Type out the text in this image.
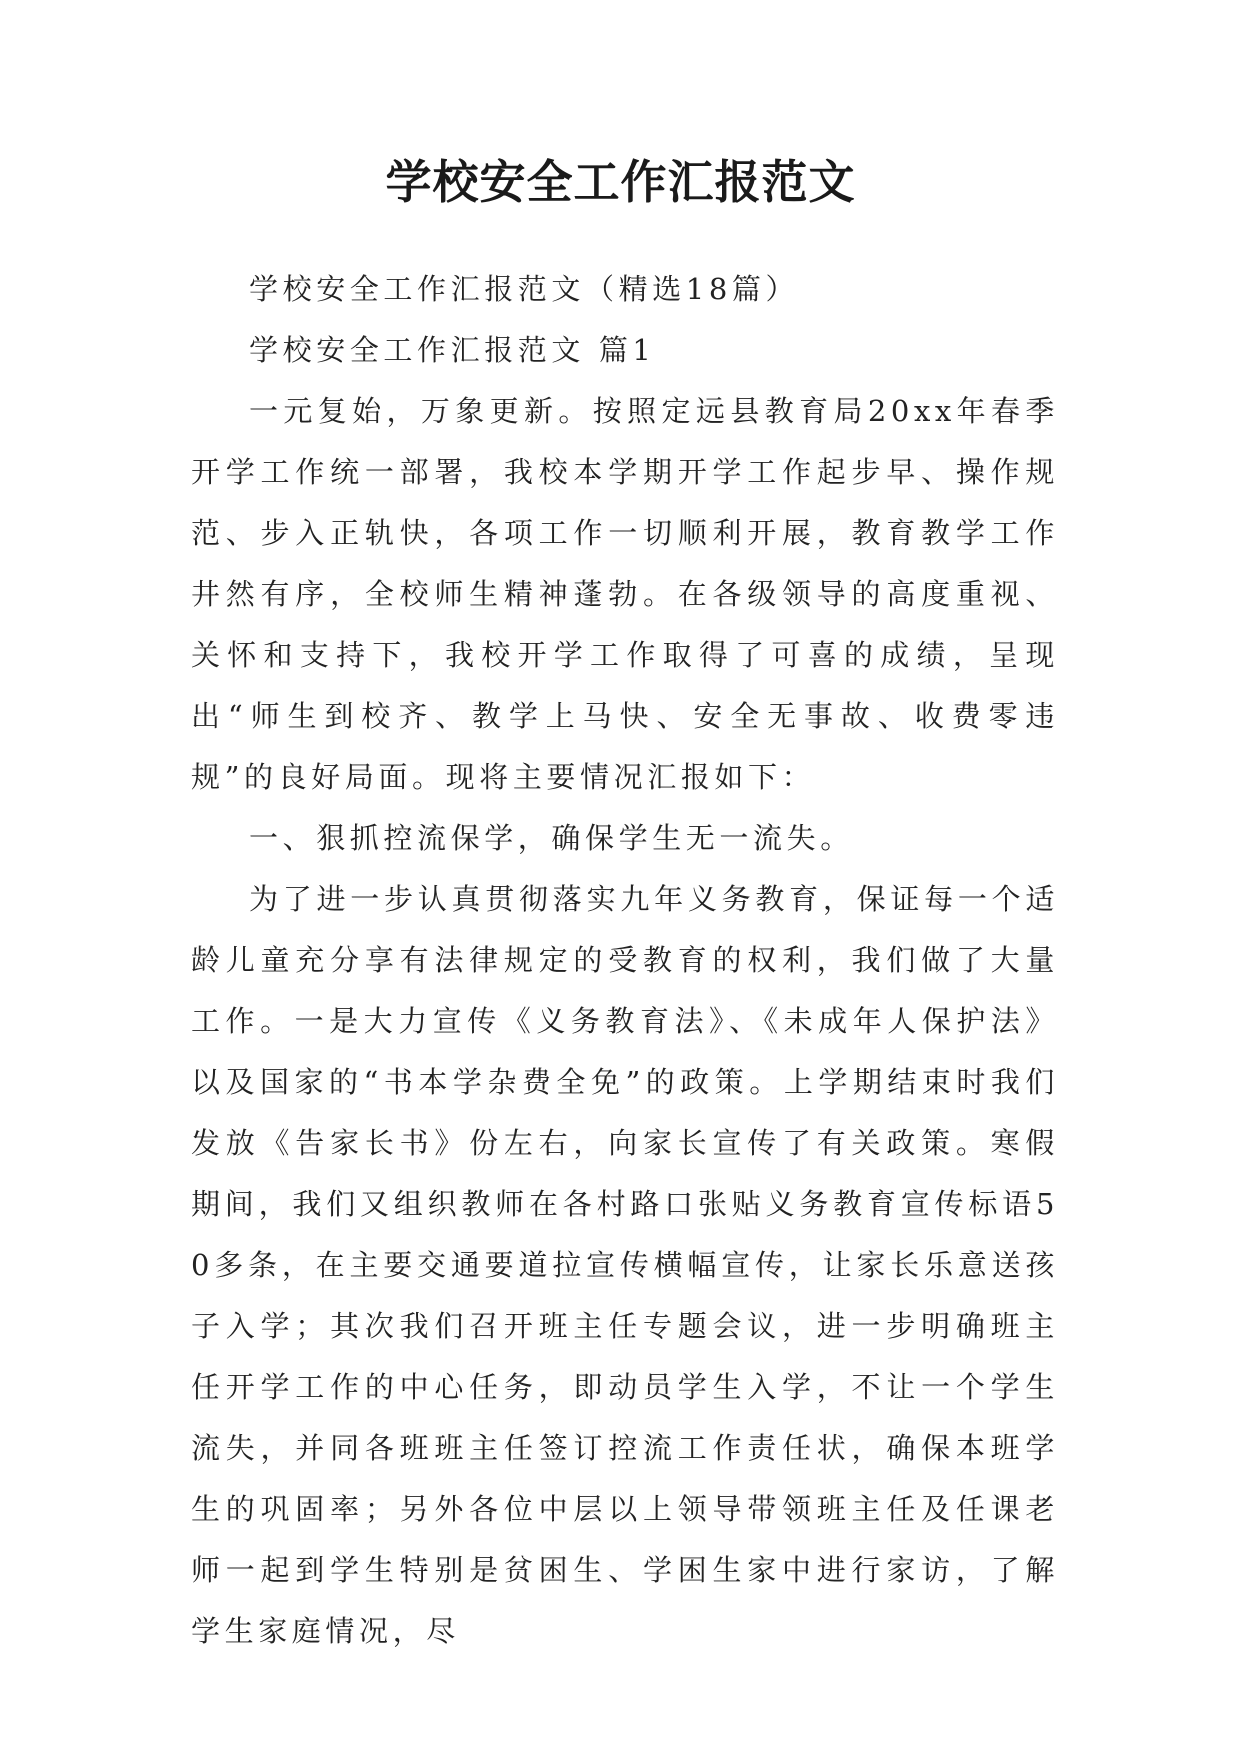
学校安全工作汇报范文

学校安全工作汇报范文（精选18篇）

学校安全工作汇报范文 篇1

一元复始，万象更新。按照定远县教育局20xx年春季开学工作统一部署，我校本学期开学工作起步早、操作规范、步入正轨快，各项工作一切顺利开展，教育教学工作井然有序，全校师生精神蓬勃。在各级领导的高度重视、关怀和支持下，我校开学工作取得了可喜的成绩，呈现出“师生到校齐、教学上马快、安全无事故、收费零违规”的良好局面。现将主要情况汇报如下：

一、狠抓控流保学，确保学生无一流失。

为了进一步认真贯彻落实九年义务教育，保证每一个适龄儿童充分享有法律规定的受教育的权利，我们做了大量工作。一是大力宣传《义务教育法》、《未成年人保护法》以及国家的“书本学杂费全免”的政策。上学期结束时我们发放《告家长书》份左右，向家长宣传了有关政策。寒假期间，我们又组织教师在各村路口张贴义务教育宣传标语50多条，在主要交通要道拉宣传横幅宣传，让家长乐意送孩子入学；其次我们召开班主任专题会议，进一步明确班主任开学工作的中心任务，即动员学生入学，不让一个学生流失，并同各班班主任签订控流工作责任状，确保本班学生的巩固率；另外各位中层以上领导带领班主任及任课老师一起到学生特别是贫困生、学困生家中进行家访，了解学生家庭情况，尽
